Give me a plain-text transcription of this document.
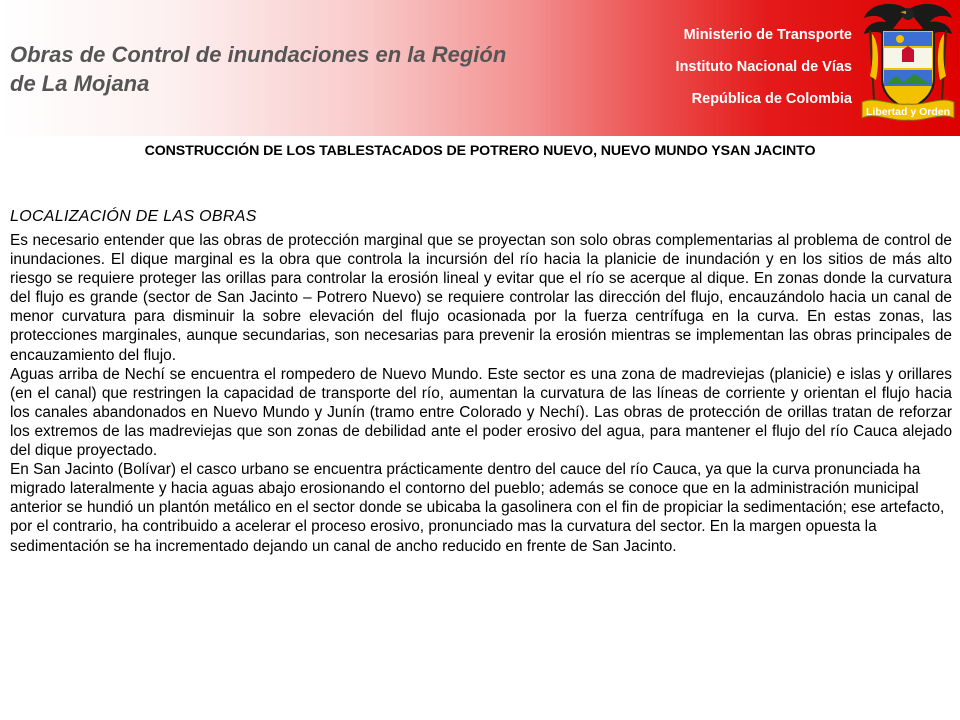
Obras de Control de inundaciones en la Región de La Mojana
Ministerio de Transporte
Instituto Nacional de Vías
República de Colombia
Libertad y Orden
CONSTRUCCIÓN DE LOS TABLESTACADOS DE POTRERO NUEVO, NUEVO MUNDO YSAN JACINTO
LOCALIZACIÓN DE LAS OBRAS

Es necesario entender que las obras de protección marginal que se proyectan son solo obras complementarias al problema de control de inundaciones. El dique marginal es la obra que controla la incursión del río hacia la planicie de inundación y en los sitios de más alto riesgo se requiere proteger las orillas para controlar la erosión lineal y evitar que el río se acerque al dique. En zonas donde la curvatura del flujo es grande (sector de San Jacinto – Potrero Nuevo) se requiere controlar las dirección del flujo, encauzándolo hacia un canal de menor curvatura para disminuir la sobre elevación del flujo ocasionada por la fuerza centrífuga en la curva. En estas zonas, las protecciones marginales, aunque secundarias, son necesarias para prevenir la erosión mientras se implementan las obras principales de encauzamiento del flujo.

Aguas arriba de Nechí se encuentra el rompedero de Nuevo Mundo. Este sector es una zona de madreviejas (planicie) e islas y orillares (en el canal) que restringen la capacidad de transporte del río, aumentan la curvatura de las líneas de corriente y orientan el flujo hacia los canales abandonados en Nuevo Mundo y Junín (tramo entre Colorado y Nechí). Las obras de protección de orillas tratan de reforzar los extremos de las madreviejas que son zonas de debilidad ante el poder erosivo del agua, para mantener el flujo del río Cauca alejado del dique proyectado.

En San Jacinto (Bolívar) el casco urbano se encuentra prácticamente dentro del cauce del río Cauca, ya que la curva pronunciada ha migrado lateralmente y hacia aguas abajo erosionando el contorno del pueblo; además se conoce que en la administración municipal anterior se hundió un plantón metálico en el sector donde se ubicaba la gasolinera con el fin de propiciar la sedimentación; ese artefacto, por el contrario, ha contribuido a acelerar el proceso erosivo, pronunciado mas la curvatura del sector. En la margen opuesta la sedimentación se ha incrementado dejando un canal de ancho reducido en frente de San Jacinto.
